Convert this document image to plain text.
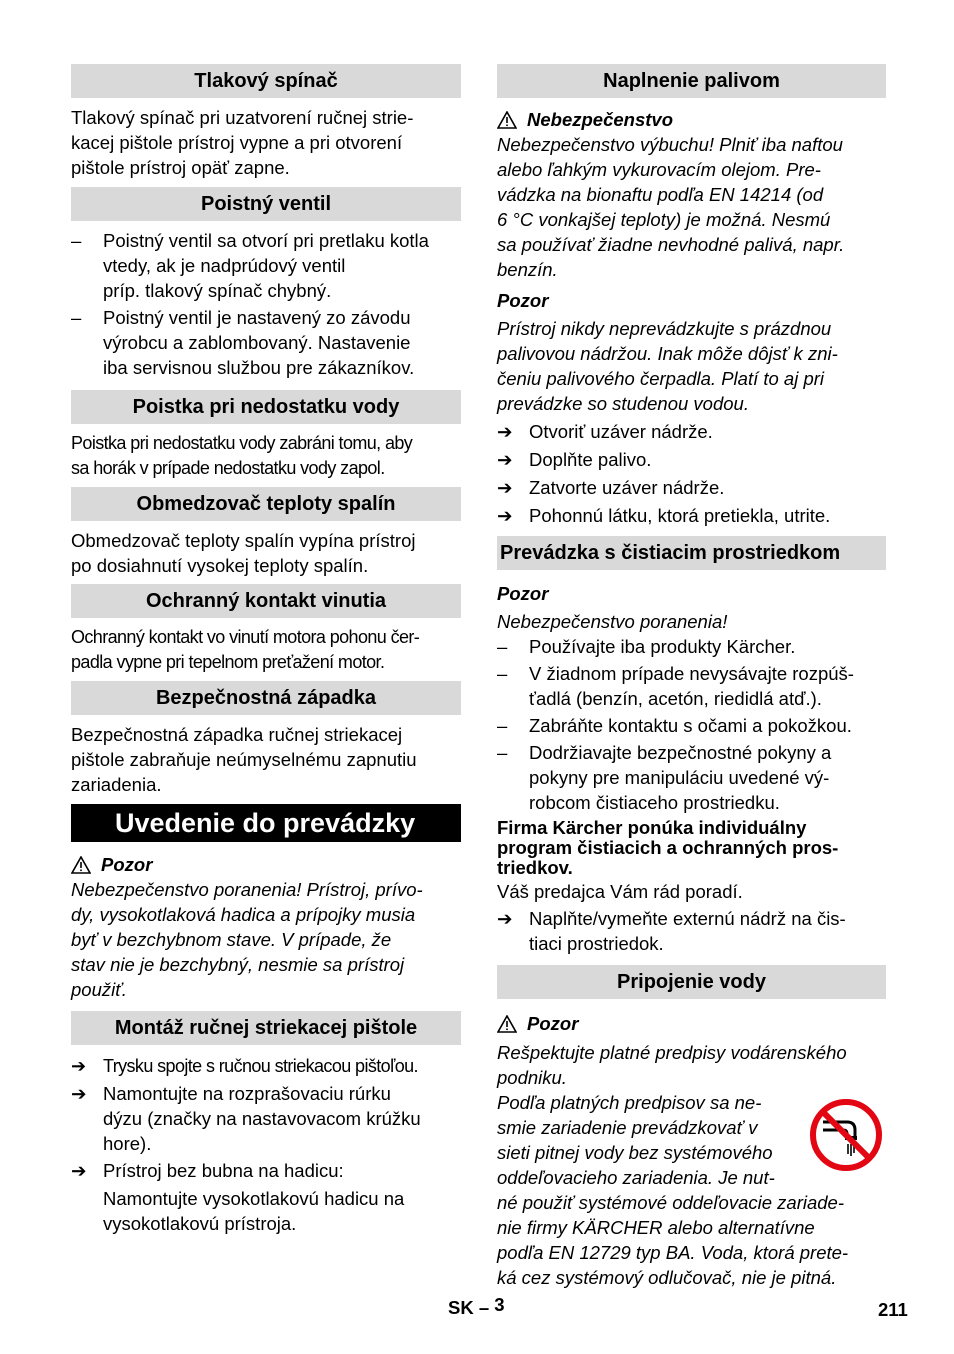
Tlakový spínač
Tlakový spínač pri uzatvorení ručnej strie-
kacej pištole prístroj vypne a pri otvorení
pištole prístroj opäť zapne.
Poistný ventil
–	Poistný ventil sa otvorí pri pretlaku kotla
vtedy, ak je nadprúdový ventil
príp. tlakový spínač chybný.
–	Poistný ventil je nastavený zo závodu
výrobcu a zablombovaný. Nastavenie
iba servisnou službou pre zákazníkov.
Poistka pri nedostatku vody
Poistka pri nedostatku vody zabráni tomu, aby
sa horák v prípade nedostatku vody zapol.
Obmedzovač teploty spalín
Obmedzovač teploty spalín vypína prístroj
po dosiahnutí vysokej teploty spalín.
Ochranný kontakt vinutia
Ochranný kontakt vo vinutí motora pohonu čer-
padla vypne pri tepelnom preťažení motor.
Bezpečnostná západka
Bezpečnostná západka ručnej striekacej
pištole zabraňuje neúmyselnému zapnutiu
zariadenia.
Uvedenie do prevádzky
Pozor
Nebezpečenstvo poranenia! Prístroj, prívo-
dy, vysokotlaková hadica a prípojky musia
byť v bezchybnom stave. V prípade, že
stav nie je bezchybný, nesmie sa prístroj
použiť.
Montáž ručnej striekacej pištole
➔ Trysku spojte s ručnou striekacou pištoľou.
➔ Namontujte na rozprašovaciu rúrku
dýzu (značky na nastavovacom krúžku
hore).
➔ Prístroj bez bubna na hadicu:
Namontujte vysokotlakovú hadicu na
vysokotlakovú prístroja.
Naplnenie palivom
Nebezpečenstvo
Nebezpečenstvo výbuchu! Plniť iba naftou
alebo ľahkým vykurovacím olejom. Pre-
vádzka na bionaftu podľa EN 14214 (od
6 °C vonkajšej teploty) je možná. Nesmú
sa používať žiadne nevhodné palivá, napr.
benzín.
Pozor
Prístroj nikdy neprevádzkujte s prázdnou
palivovou nádržou. Inak môže dôjsť k zni-
čeniu palivového čerpadla. Platí to aj pri
prevádzke so studenou vodou.
➔ Otvoriť uzáver nádrže.
➔ Doplňte palivo.
➔ Zatvorte uzáver nádrže.
➔ Pohonnú látku, ktorá pretiekla, utrite.
Prevádzka s čistiacim prostriedkom
Pozor
Nebezpečenstvo poranenia!
–	Používajte iba produkty Kärcher.
–	V žiadnom prípade nevysávajte rozpúš-
ťadlá (benzín, acetón, riedidlá atď.).
–	Zabráňte kontaktu s očami a pokožkou.
–	Dodržiavajte bezpečnostné pokyny a
pokyny pre manipuláciu uvedené vý-
robcom čistiaceho prostriedku.
Firma Kärcher ponúka individuálny
program čistiacich a ochranných pros-
triedkov.
Váš predajca Vám rád poradí.
➔ Naplňte/vymeňte externú nádrž na čis-
tiaci prostriedok.
Pripojenie vody
Pozor
Rešpektujte platné predpisy vodárenského
podniku.
Podľa platných predpisov sa ne-
smie zariadenie prevádzkovať v
sieti pitnej vody bez systémového
oddeľovacieho zariadenia. Je nut-
né použiť systémové oddeľovacie zariade-
nie firmy KÄRCHER alebo alternatívne
podľa EN 12729 typ BA. Voda, ktorá prete-
ká cez systémový odlučovač, nie je pitná.
SK – 3	211
